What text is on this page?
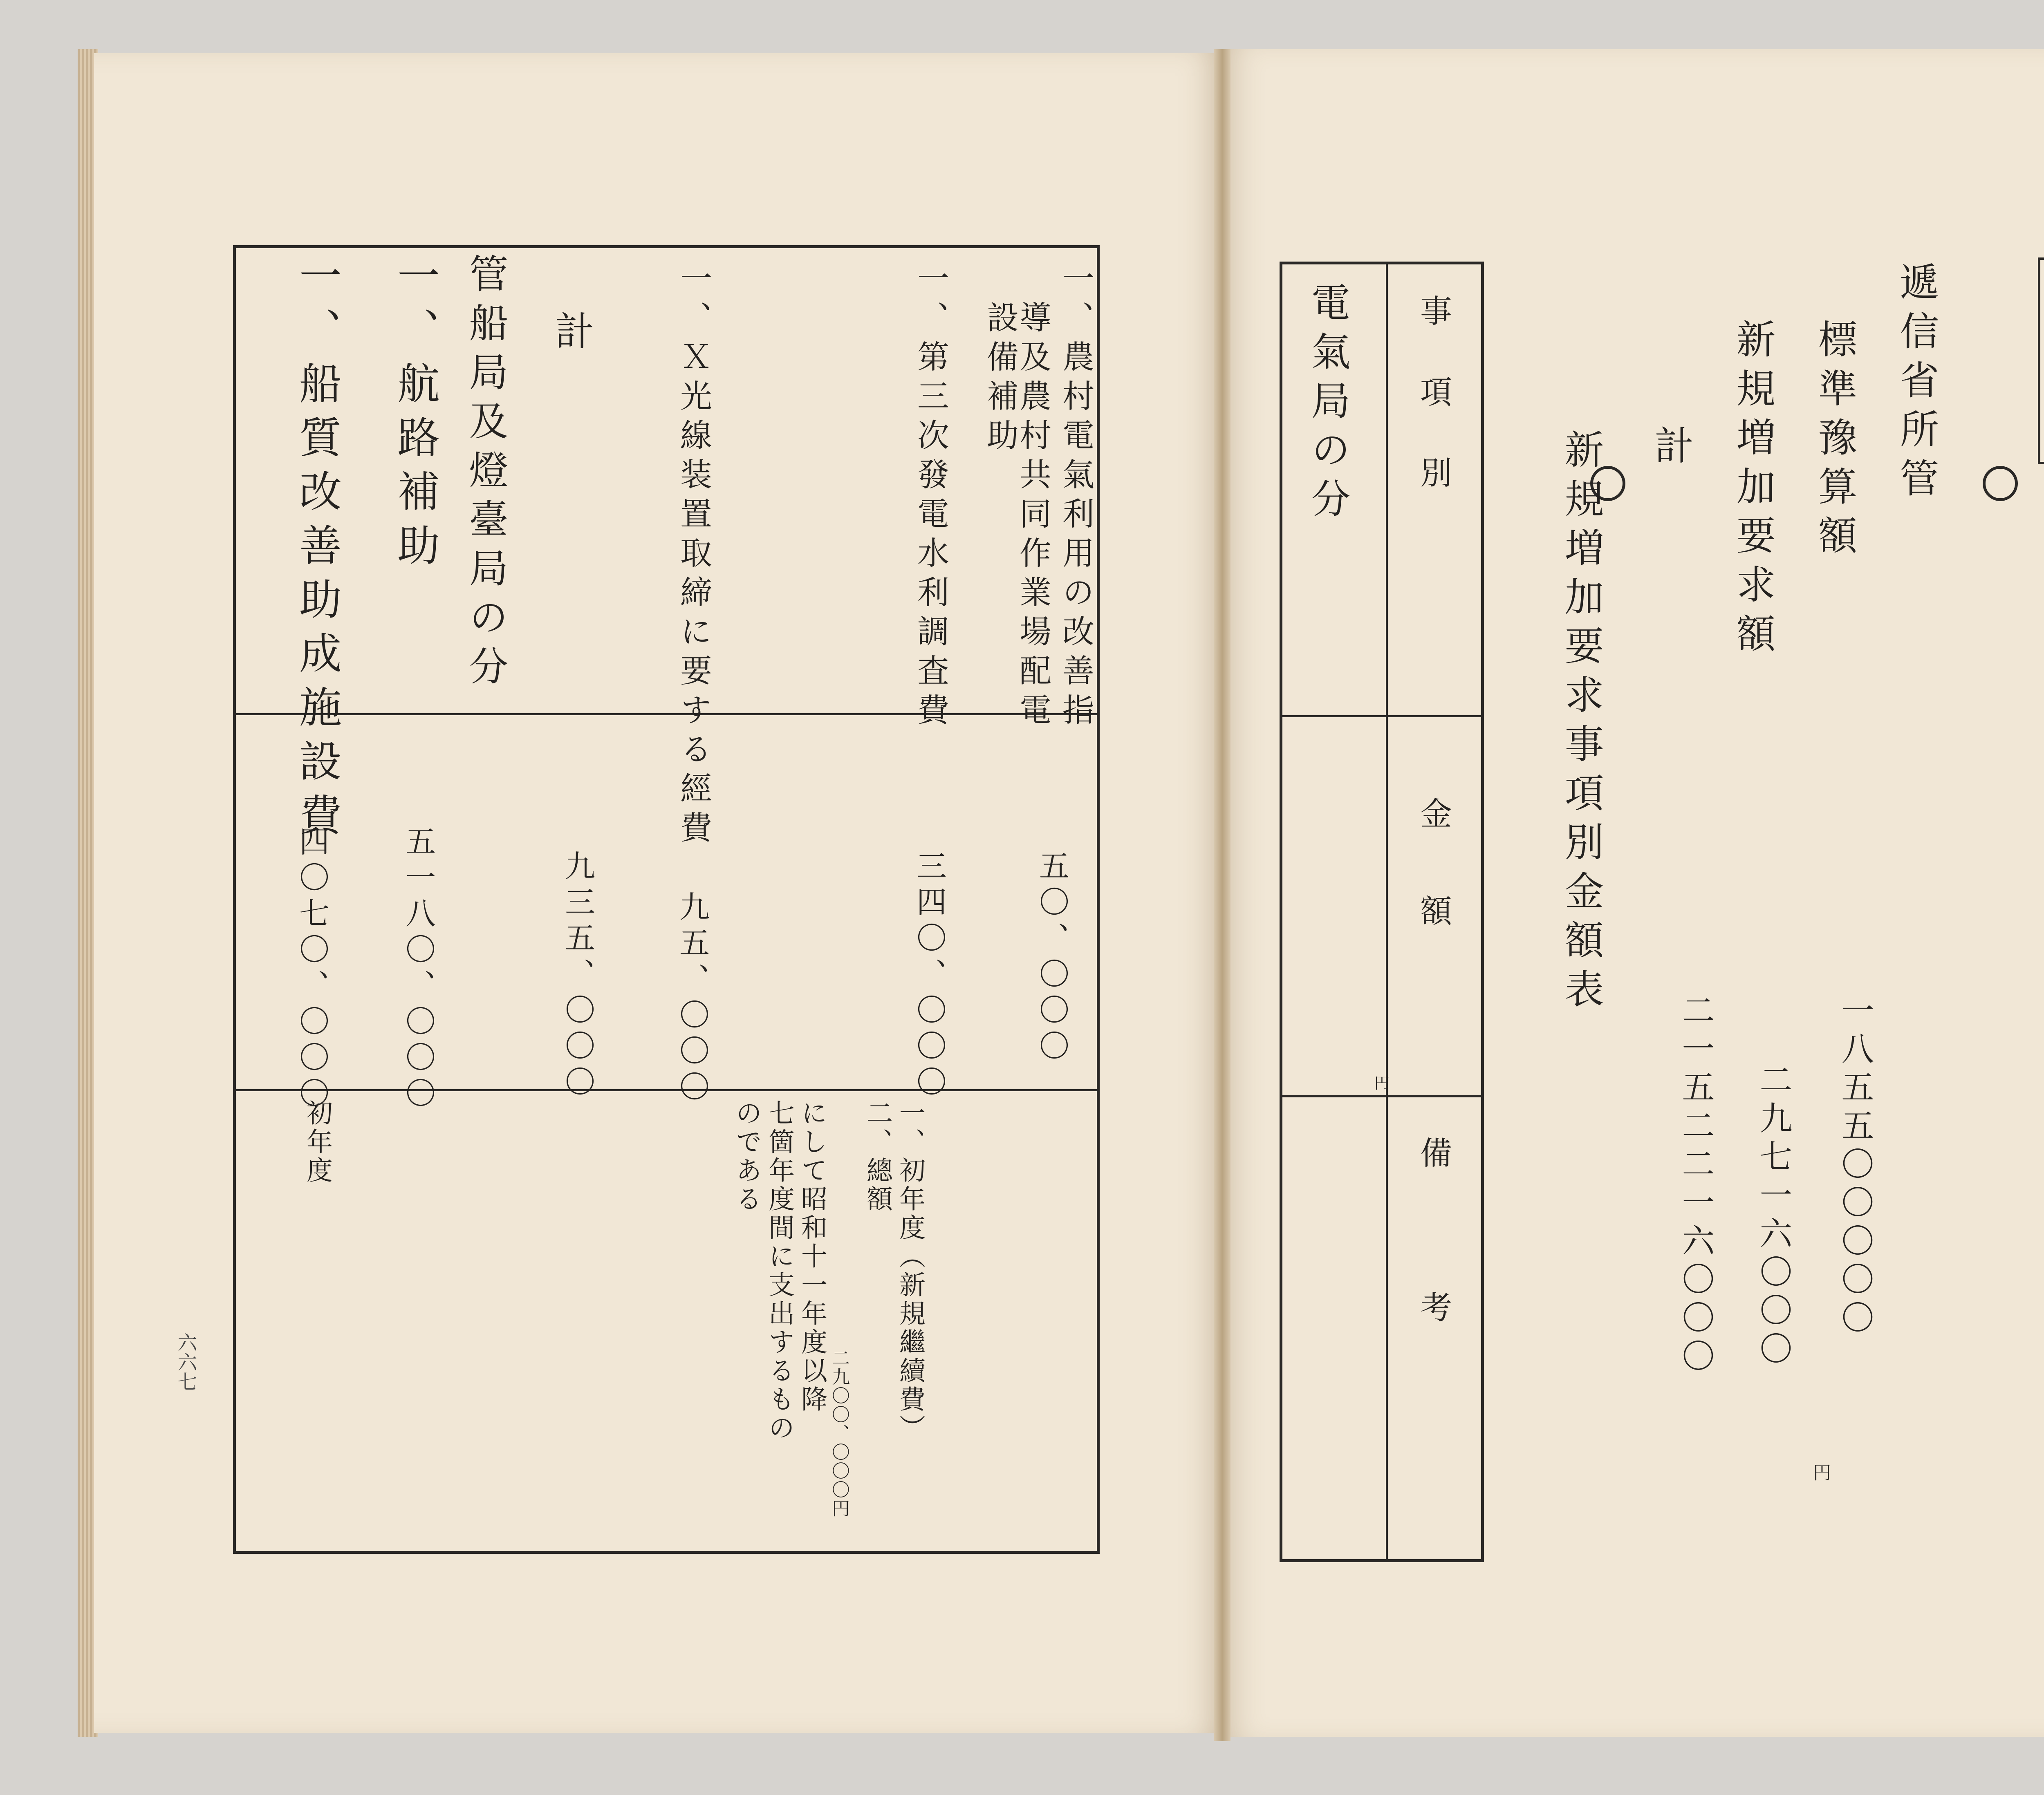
一、農村電氣利用の改善指
　導及農村共同作業場配電
　設備補助
一、第三次發電水利調査費
一、Ｘ光線装置取締に要する經費
計
管船局及燈臺局の分
一、航路補助
一、船質改善助成施設費
五〇、〇〇〇
三四〇、〇〇〇
九五、〇〇〇
九三五、〇〇〇
五一八〇、〇〇〇
四〇七〇、〇〇〇
一、初年度（新規繼續費）
二、總額
二九〇〇、〇〇〇円
にして昭和十一年度以降
七箇年度間に支出するもの
のである
初年度
六六七
遞信省所管
標準豫算額
新規増加要求額
計
一八五五〇〇〇〇〇
円
二九七一六〇〇〇
二一五二二一六〇〇〇
新規増加要求事項別金額表
事項別
金額
円
備考
電氣局の分
